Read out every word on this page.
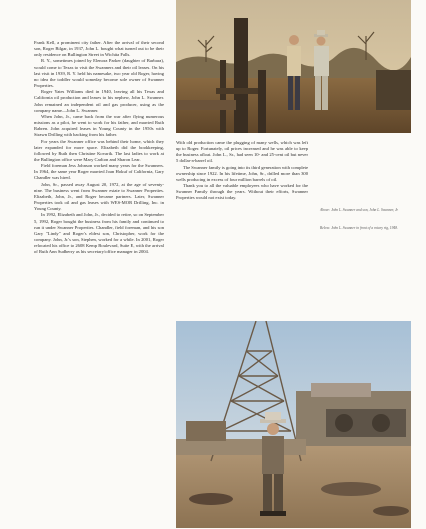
Frank Kell, a prominent city father. After the arrival of their second son, Roger Bilgar, in 1937, John L. bought what turned out to be their only residence on Bullington Street in Wichita Falls.

R. Y., sometimes joined by Elenora Parker (daughter of Barbara), would come to Texas to visit the Swanners and their oil leases. On his last visit in 1939, R. Y. held his namesake, two year old Roger, having no idea the toddler would someday become sole owner of Swanner Properties.

Roger Yates Williams died in 1940, leaving all his Texas and California oil production and leases to his nephew, John L. Swanner. John remained an independent oil and gas producer, using as the company name—John L. Swanner.

When John, Jr., came back from the war after flying numerous missions as a pilot, he went to work for his father, and married Ruth Rabren. John acquired leases in Young County in the 1950s with Strawn Drilling with backing from his father.

For years the Swanner office was behind their home, which they later expanded for more space. Elizabeth did the bookkeeping, followed by Ruth then Christine Kovarik. The last ladies to work at the Bullington office were Mary Carlton and Sharon Lear.

Field foreman Jess Johnson worked many years for the Swanners. In 1964, the same year Roger married Joan Hokuf of California, Gary Chandler was hired.

John, Sr., passed away August 20, 1972, at the age of seventy-nine. The business went from Swanner estate to Swanner Properties. Elizabeth, John, Jr., and Roger became partners. Later, Swanner Properties took oil and gas leases with WES-MOR Drilling, Inc. in Young County.

In 1992, Elizabeth and John, Jr., decided to retire, so on September 5, 1992, Roger bought the business from his family and continued to run it under Swanner Properties. Chandler, field foreman, and his son Gary "Lindy" and Roger's eldest son, Christopher, work for the company. John, Jr.'s son, Stephen, worked for a while. In 2001, Roger relocated his office to 2608 Kemp Boulevard, Suite E, with the arrival of Ruth Ann Sudberry as his secretary/office manager in 2004.

With old production came the plugging of many wells, which was left up to Roger. Fortunately, oil prices increased and he was able to keep the business afloat. John L., Sr., had seen 10- and 25-cent oil but never 5 dollar-a-barrel oil.

The Swanner family is going into its third generation with complete ownership since 1922. In his lifetime, John, Sr., drilled more than 300 wells producing in excess of four million barrels of oil.

Thank you to all the valuable employees who have worked for the Swanner Family through the years. Without their efforts, Swanner Properties would not exist today.

Above: John L. Swanner and son, John L. Swanner, Jr.
Below: John L. Swanner in front of a rotary rig, 1948.
